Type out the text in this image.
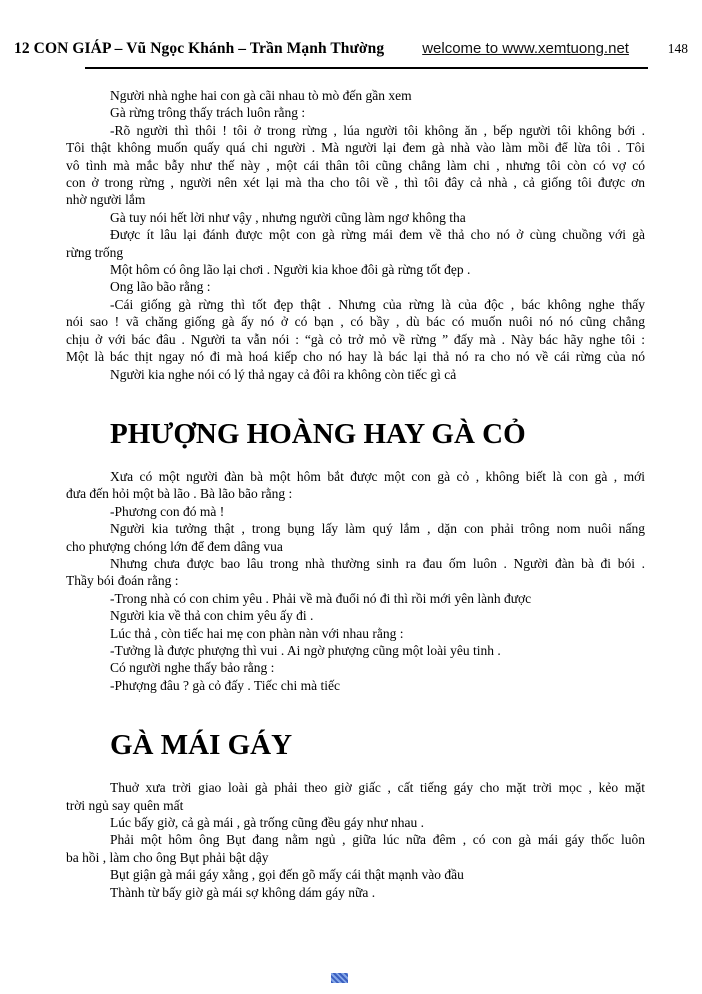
12 CON GIÁP – Vũ Ngọc Khánh – Trần Mạnh Thường	welcome to www.xemtuong.net	148
Người nhà nghe hai con gà cãi nhau tò mò đến gần xem
Gà rừng trông thấy trách luôn rằng :
-Rõ người thì thôi ! tôi ở trong rừng , lúa người tôi không ăn , bếp người tôi không bới .
Tôi thật không muốn quấy quá chi người . Mà người lại đem gà nhà vào làm mồi để lừa tôi . Tôi
vô tình mà mắc bẫy như thế này , một cái thân tôi cũng chẳng làm chi , nhưng tôi còn có vợ có
con ở trong rừng , người nên xét lại mà tha cho tôi về , thì tôi đây cả nhà , cả giống tôi được ơn
nhờ người lắm
Gà tuy nói hết lời như vậy , nhưng người cũng làm ngơ không tha
Được ít lâu lại đánh được một con gà rừng mái đem về thả cho nó ở cùng chuồng với gà
rừng trống
Một hôm có ông lão lại chơi . Người kia khoe đôi gà rừng tốt đẹp .
Ong lão bão rằng :
-Cái giống gà rừng thì tốt đẹp thật . Nhưng của rừng là của độc , bác không nghe thấy
nói sao ! vã chăng giống gà ấy nó ở có bạn , có bầy , dù bác có muốn nuôi nó nó cũng chẳng
chịu ở với bác đâu . Người ta vẫn nói : “gà cỏ trở mỏ về rừng ” đấy mà . Này bác hãy nghe tôi :
Một là bác thịt ngay nó đi mà hoá kiếp cho nó hay là bác lại thả nó ra cho nó về cái rừng của nó
Người kia nghe nói có lý thả ngay cả đôi ra không còn tiếc gì cả
PHƯỢNG HOÀNG HAY GÀ CỎ
Xưa có một người đàn bà một hôm bắt được một con gà cỏ , không biết là con gà , mới
đưa đến hỏi một bà lão . Bà lão bão rằng :
-Phương con đó mà !
Người kia tưởng thật , trong bụng lấy làm quý lắm , dặn con phải trông nom nuôi nấng
cho phượng chóng lớn để đem dâng vua
Nhưng chưa được bao lâu trong nhà thường sinh ra đau ốm luôn . Người đàn bà đi bói .
Thầy bói đoán rằng :
-Trong nhà có con chim yêu . Phải về mà đuổi nó đi thì rồi mới yên lành được
Người kia về thả con chim yêu ấy đi .
Lúc thả , còn tiếc hai mẹ con phàn nàn với nhau rằng :
-Tưởng là được phượng thì vui . Ai ngờ phượng cũng một loài yêu tinh .
Có người nghe thấy bảo rằng :
-Phượng đâu ? gà cỏ đấy . Tiếc chi mà tiếc
GÀ MÁI GÁY
Thuở xưa trời giao loài gà phải theo giờ giấc , cất tiếng gáy cho mặt trời mọc , kẻo mặt
trời ngủ say quên mất
Lúc bấy giờ, cả gà mái , gà trống cũng đều gáy như nhau .
Phải một hôm ông Bụt đang nằm ngủ , giữa lúc nữa đêm , có con gà mái gáy thốc luôn
ba hồi , làm cho ông Bụt phải bật dậy
Bụt giận gà mái gáy xằng , gọi đến gõ mấy cái thật mạnh vào đầu
Thành từ bấy giờ gà mái sợ không dám gáy nữa .
